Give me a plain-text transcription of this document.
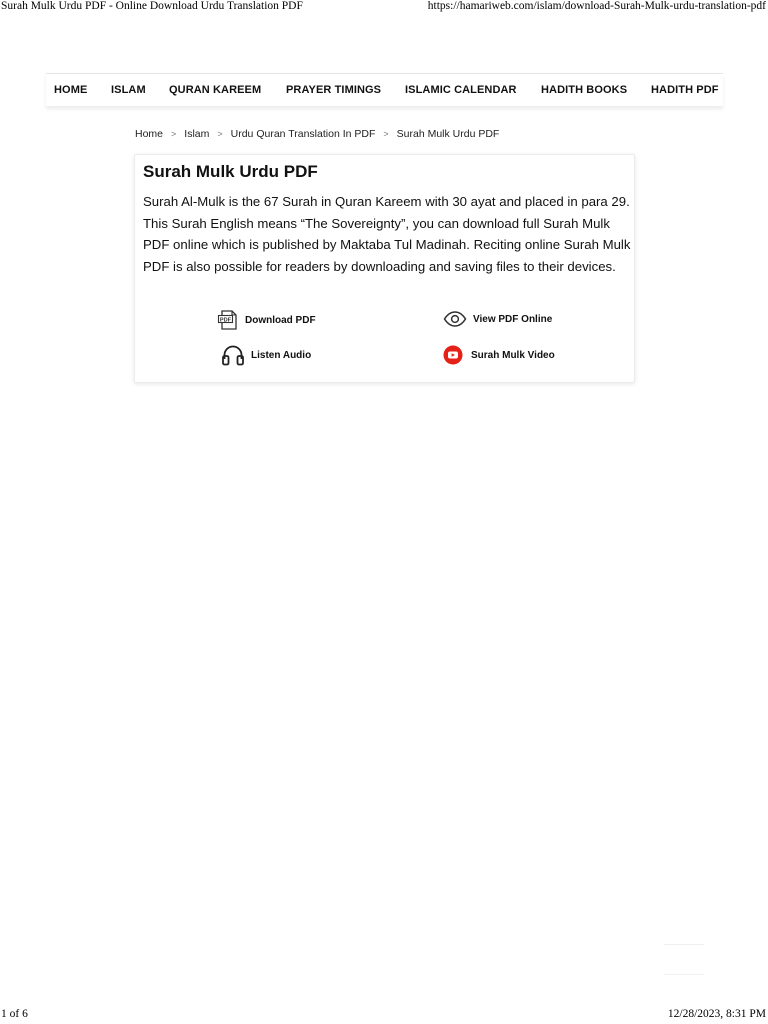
Surah Mulk Urdu PDF - Online Download Urdu Translation PDF	https://hamariweb.com/islam/download-Surah-Mulk-urdu-translation-pdf
HOME ISLAM QURAN KAREEM PRAYER TIMINGS ISLAMIC CALENDAR HADITH BOOKS HADITH PDF
Home > Islam > Urdu Quran Translation In PDF > Surah Mulk Urdu PDF
Surah Mulk Urdu PDF

Surah Al-Mulk is the 67 Surah in Quran Kareem with 30 ayat and placed in para 29. This Surah English means “The Sovereignty”, you can download full Surah Mulk PDF online which is published by Maktaba Tul Madinah. Reciting online Surah Mulk PDF is also possible for readers by downloading and saving files to their devices.

PDF Download PDF	View PDF Online
Listen Audio	Surah Mulk Video
1 of 6	12/28/2023, 8:31 PM
